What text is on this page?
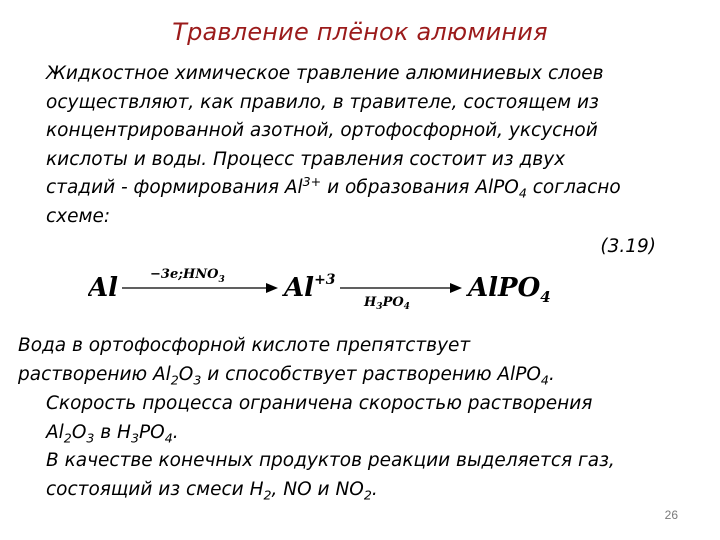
Травление плёнок алюминия
Жидкостное химическое травление алюминиевых слоев
осуществляют, как правило, в травителе, состоящем из
концентрированной азотной, ортофосфорной, уксусной
кислоты и воды. Процесс травления состоит из двух
стадий - формирования $Al^{3+}$ и образования AlPO$_4$ согласно
схеме:
(3.19)
$Al -3e;HNO_3$ $Al^{+3}$
$H_3PO_4$
AlPO$_4$
Вода в ортофосфорной кислоте препятствует
растворению $Al_2O_3$ и способствует растворению AlPO$_4$.
Скорость процесса ограничена скоростью растворения
$Al_2O_3$ в $H_3PO_4$.
В качестве конечных продуктов реакции выделяется газ,
состоящий из смеси $H_2$, NO и $NO_2$.
26
